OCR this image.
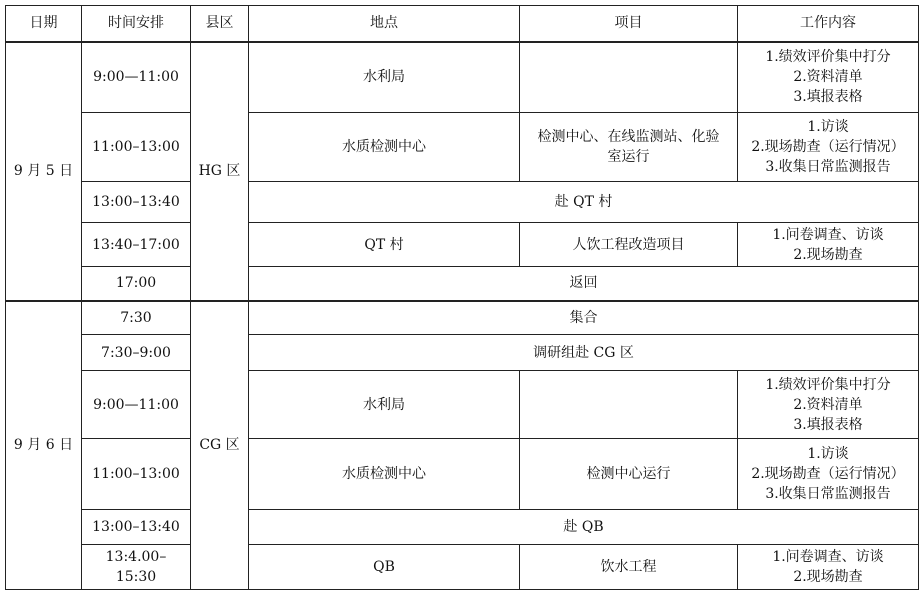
日期	时间安排	县区	地点	项目	工作内容
9 月 5 日	9:00—11:00	HG 区	水利局		1.绩效评价集中打分
2.资料清单
3.填报表格

	11:00–13:00		水质检测中心	检测中心、在线监测站、化验
室运行	1.访谈
2.现场勘查（运行情况）
3.收集日常监测报告

	13:00–13:40		赴 QT 村		
	13:40–17:00		QT 村	人饮工程改造项目	1.问卷调查、访谈
2.现场勘查

	17:00		返回		
9 月 6 日	7:30	CG 区	集合		
	7:30–9:00		调研组赴 CG 区		
	9:00—11:00		水利局		1.绩效评价集中打分
2.资料清单
3.填报表格

	11:00–13:00		水质检测中心	检测中心运行	1.访谈
2.现场勘查（运行情况）
3.收集日常监测报告

	13:00–13:40		赴 QB		
	13:4.00–15:30		QB	饮水工程	1.问卷调查、访谈
2.现场勘查
